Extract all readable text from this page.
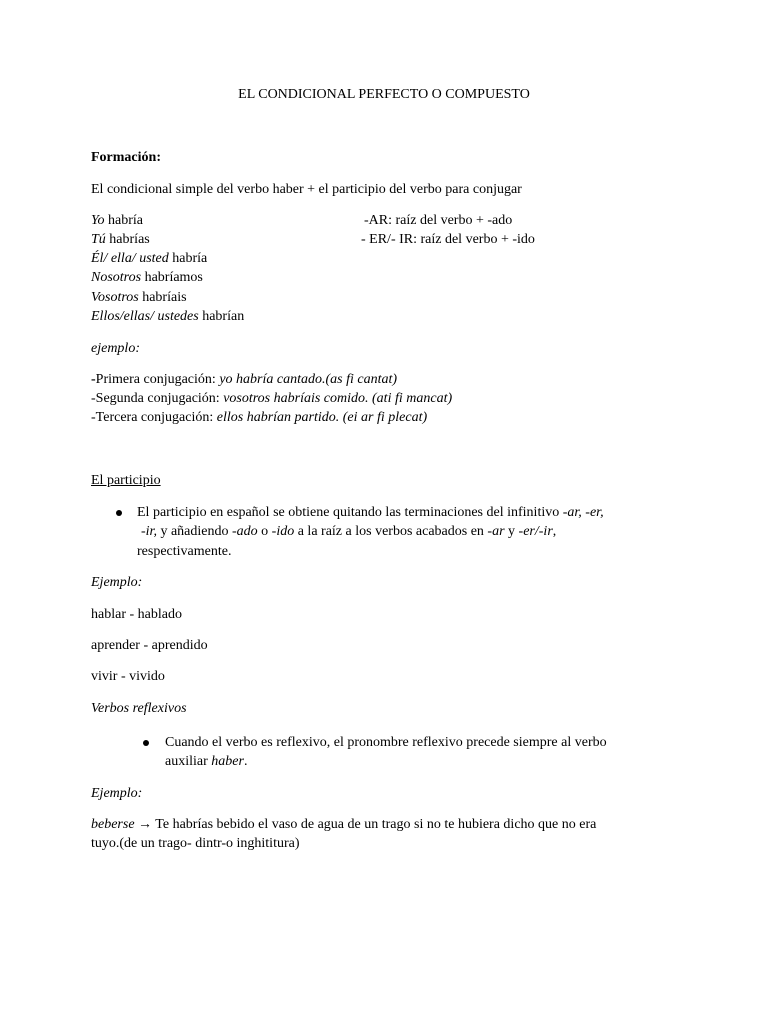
EL CONDICIONAL PERFECTO O COMPUESTO
Formación:
El condicional simple del verbo haber + el participio del verbo para conjugar
Yo habría
Tú habrías
Él/ ella/ usted habría
Nosotros habríamos
Vosotros habríais
Ellos/ellas/ ustedes habrían
-AR: raíz del verbo + -ado
- ER/- IR: raíz del verbo + -ido
ejemplo:
-Primera conjugación: yo habría cantado.(as fi cantat)
-Segunda conjugación: vosotros habríais comido. (ati fi mancat)
-Tercera conjugación: ellos habrían partido. (ei ar fi plecat)
El participio
El participio en español se obtiene quitando las terminaciones del infinitivo -ar, -er,
-ir, y añadiendo -ado o -ido a la raíz a los verbos acabados en -ar y -er/-ir,
respectivamente.
Ejemplo:
hablar - hablado
aprender - aprendido
vivir - vivido
Verbos reflexivos
Cuando el verbo es reflexivo, el pronombre reflexivo precede siempre al verbo
auxiliar haber.
Ejemplo:
beberse → Te habrías bebido el vaso de agua de un trago si no te hubiera dicho que no era
tuyo.(de un trago- dintr-o inghititura)
